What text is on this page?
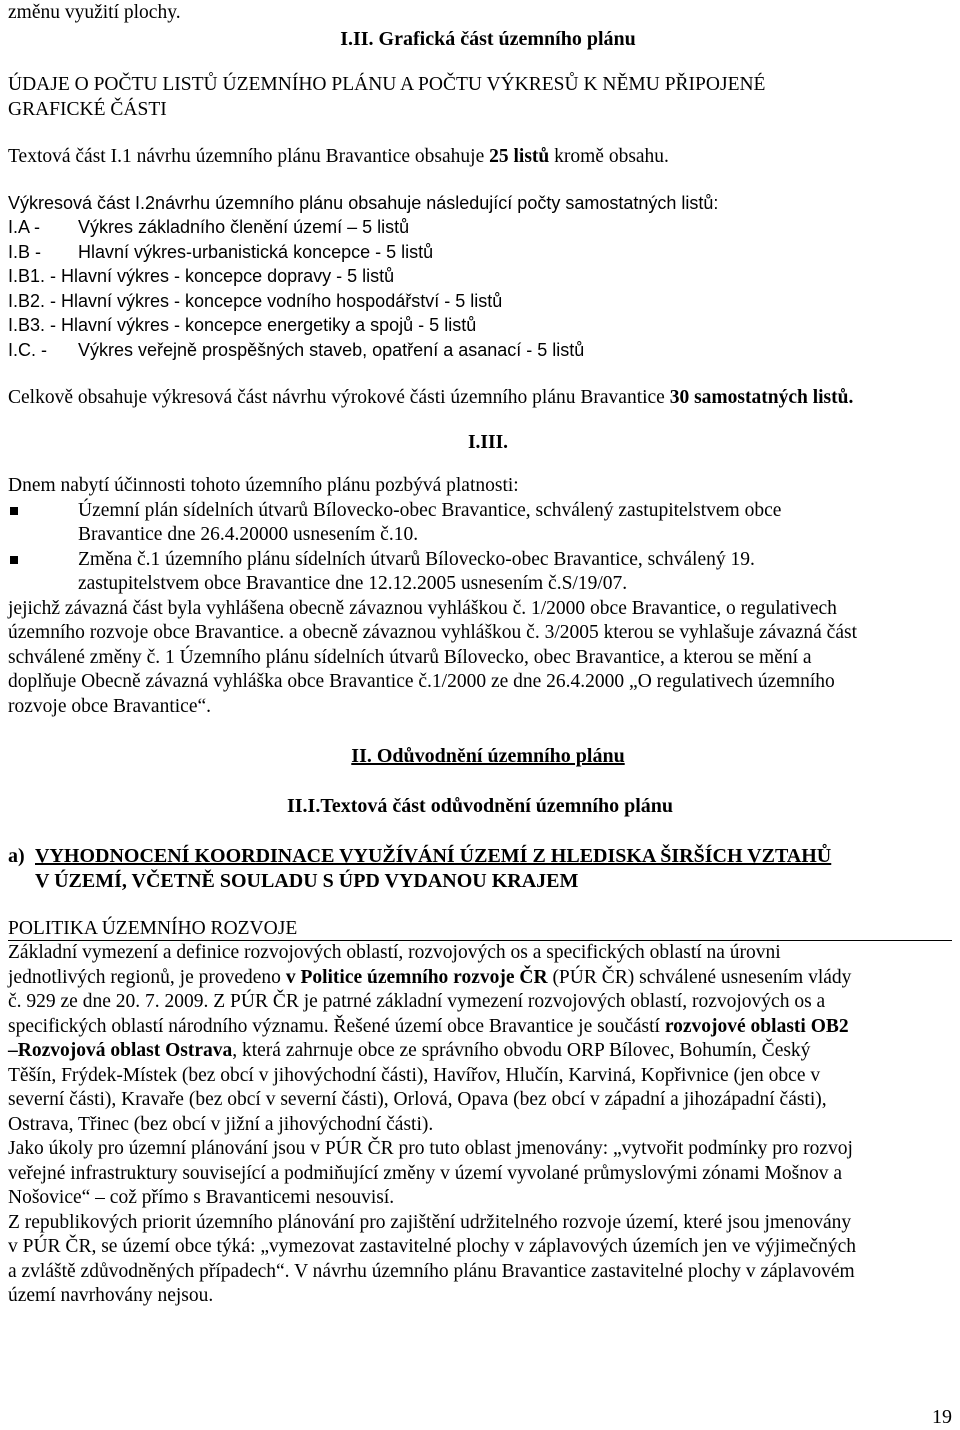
změnu využití plochy.
I.II. Grafická část územního plánu
ÚDAJE O POČTU LISTŮ ÚZEMNÍHO PLÁNU A POČTU VÝKRESŮ K NĚMU PŘIPOJENÉ
GRAFICKÉ ČÁSTI
Textová část I.1 návrhu územního plánu Bravantice obsahuje 25 listů kromě obsahu.
Výkresová část I.2návrhu územního plánu obsahuje následující počty samostatných listů:
I.A -	Výkres základního členění území – 5 listů
I.B -	Hlavní výkres-urbanistická koncepce - 5 listů
I.B1. - Hlavní výkres - koncepce dopravy - 5 listů
I.B2. - Hlavní výkres - koncepce vodního hospodářství - 5 listů
I.B3. - Hlavní výkres - koncepce energetiky a spojů - 5 listů
I.C. -	Výkres veřejně prospěšných staveb, opatření a asanací - 5 listů
Celkově obsahuje výkresová část návrhu výrokové části územního plánu Bravantice 30 samostatných listů.
I.III.
Dnem nabytí účinnosti tohoto územního plánu pozbývá platnosti:
Územní plán sídelních útvarů Bílovecko-obec Bravantice, schválený zastupitelstvem obce
Bravantice dne 26.4.20000 usnesením č.10.
Změna č.1 územního plánu sídelních útvarů Bílovecko-obec Bravantice, schválený 19.
zastupitelstvem obce Bravantice dne 12.12.2005 usnesením č.S/19/07.
jejichž závazná část byla vyhlášena obecně závaznou vyhláškou č. 1/2000 obce Bravantice, o regulativech
územního rozvoje obce Bravantice. a obecně závaznou vyhláškou č. 3/2005 kterou se vyhlašuje závazná část
schválené změny č. 1 Územního plánu sídelních útvarů Bílovecko, obec Bravantice, a kterou se mění a
doplňuje Obecně závazná vyhláška obce Bravantice č.1/2000 ze dne 26.4.2000 „O regulativech územního
rozvoje obce Bravantice“.
II. Odůvodnění územního plánu
II.I.Textová část odůvodnění územního plánu
a) VYHODNOCENÍ KOORDINACE VYUŽÍVÁNÍ ÚZEMÍ Z HLEDISKA ŠIRŠÍCH VZTAHŮ
V ÚZEMÍ, VČETNĚ SOULADU S ÚPD VYDANOU KRAJEM
POLITIKA ÚZEMNÍHO ROZVOJE
Základní vymezení a definice rozvojových oblastí, rozvojových os a specifických oblastí na úrovni
jednotlivých regionů, je provedeno v Politice územního rozvoje ČR (PÚR ČR) schválené usnesením vlády
č. 929 ze dne 20. 7. 2009. Z PÚR ČR je patrné základní vymezení rozvojových oblastí, rozvojových os a
specifických oblastí národního významu. Řešené území obce Bravantice je součástí rozvojové oblasti OB2
–Rozvojová oblast Ostrava, která zahrnuje obce ze správního obvodu ORP Bílovec, Bohumín, Český
Těšín, Frýdek-Místek (bez obcí v jihovýchodní části), Havířov, Hlučín, Karviná, Kopřivnice (jen obce v
severní části), Kravaře (bez obcí v severní části), Orlová, Opava (bez obcí v západní a jihozápadní části),
Ostrava, Třinec (bez obcí v jižní a jihovýchodní části).
Jako úkoly pro územní plánování jsou v PÚR ČR pro tuto oblast jmenovány: „vytvořit podmínky pro rozvoj
veřejné infrastruktury související a podmiňující změny v území vyvolané průmyslovými zónami Mošnov a
Nošovice“ – což přímo s Bravanticemi nesouvisí.
Z republikových priorit územního plánování pro zajištění udržitelného rozvoje území, které jsou jmenovány
v PÚR ČR, se území obce týká: „vymezovat zastavitelné plochy v záplavových územích jen ve výjimečných
a zvláště zdůvodněných případech“. V návrhu územního plánu Bravantice zastavitelné plochy v záplavovém
území navrhovány nejsou.
19
